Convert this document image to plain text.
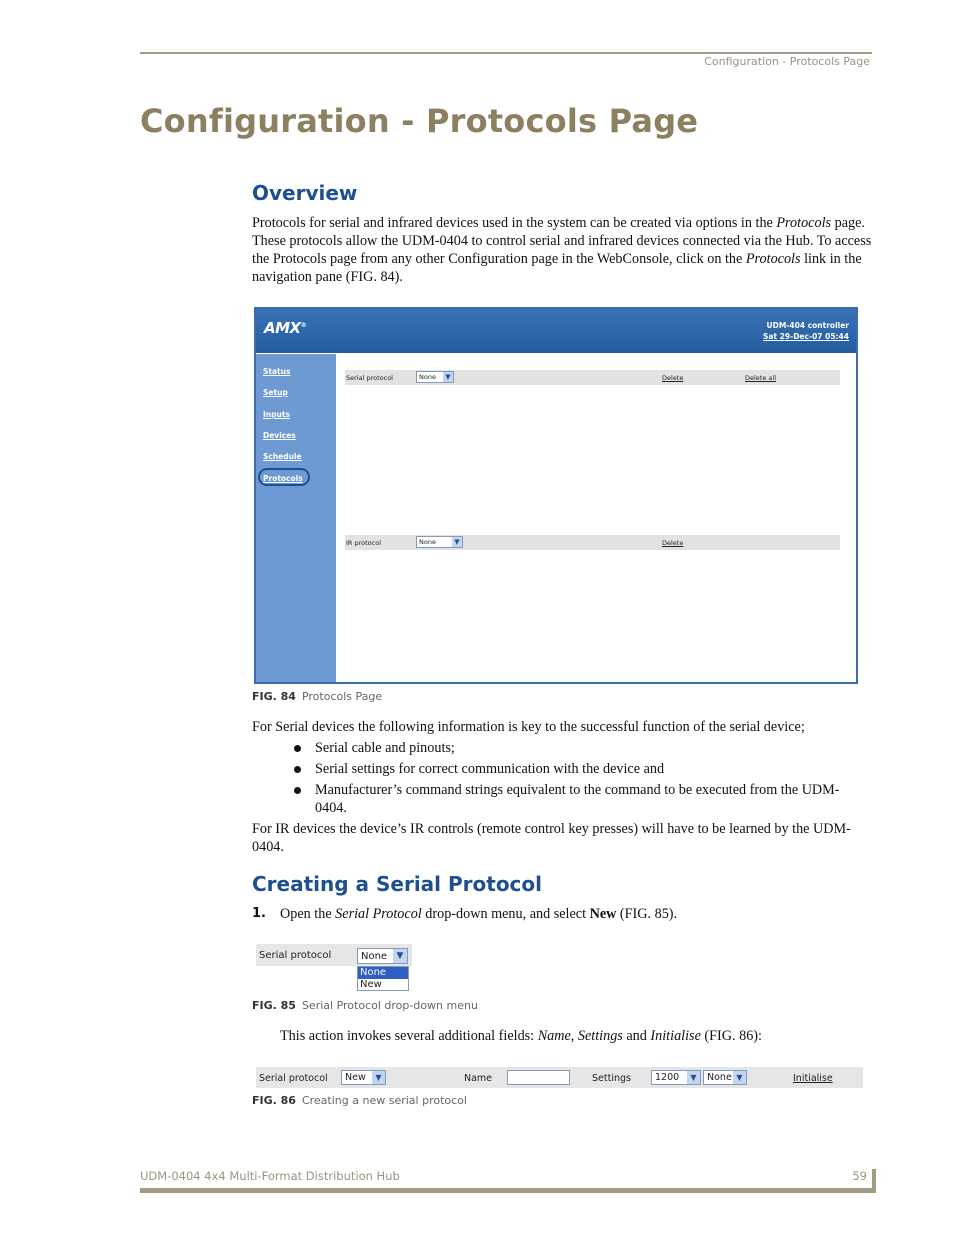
Configuration - Protocols Page
Configuration - Protocols Page
Overview

Protocols for serial and infrared devices used in the system can be created via options in the Protocols page. These protocols allow the UDM-0404 to control serial and infrared devices connected via the Hub. To access the Protocols page from any other Configuration page in the WebConsole, click on the Protocols link in the navigation pane (FIG. 84).

AMX®	UDM-404 controller
Sat 29-Dec-07 05:44
Status
Setup
Inputs
Devices
Schedule
Protocols
Serial protocol	None	▼	Delete	Delete all
IR protocol	None	▼	Delete
FIG. 84 Protocols Page

For Serial devices the following information is key to the successful function of the serial device;

Serial cable and pinouts;
Serial settings for correct communication with the device and
Manufacturer’s command strings equivalent to the command to be executed from the UDM-0404.

For IR devices the device’s IR controls (remote control key presses) will have to be learned by the UDM-0404.

Creating a Serial Protocol
1. Open the Serial Protocol drop-down menu, and select New (FIG. 85).
Serial protocol	None	▼
None
New
FIG. 85 Serial Protocol drop-down menu

This action invokes several additional fields: Name, Settings and Initialise (FIG. 86):

Serial protocol	New	▼	Name	Settings	1200	▼	None ▼	Initialise
FIG. 86 Creating a new serial protocol
UDM-0404 4x4 Multi-Format Distribution Hub	59
